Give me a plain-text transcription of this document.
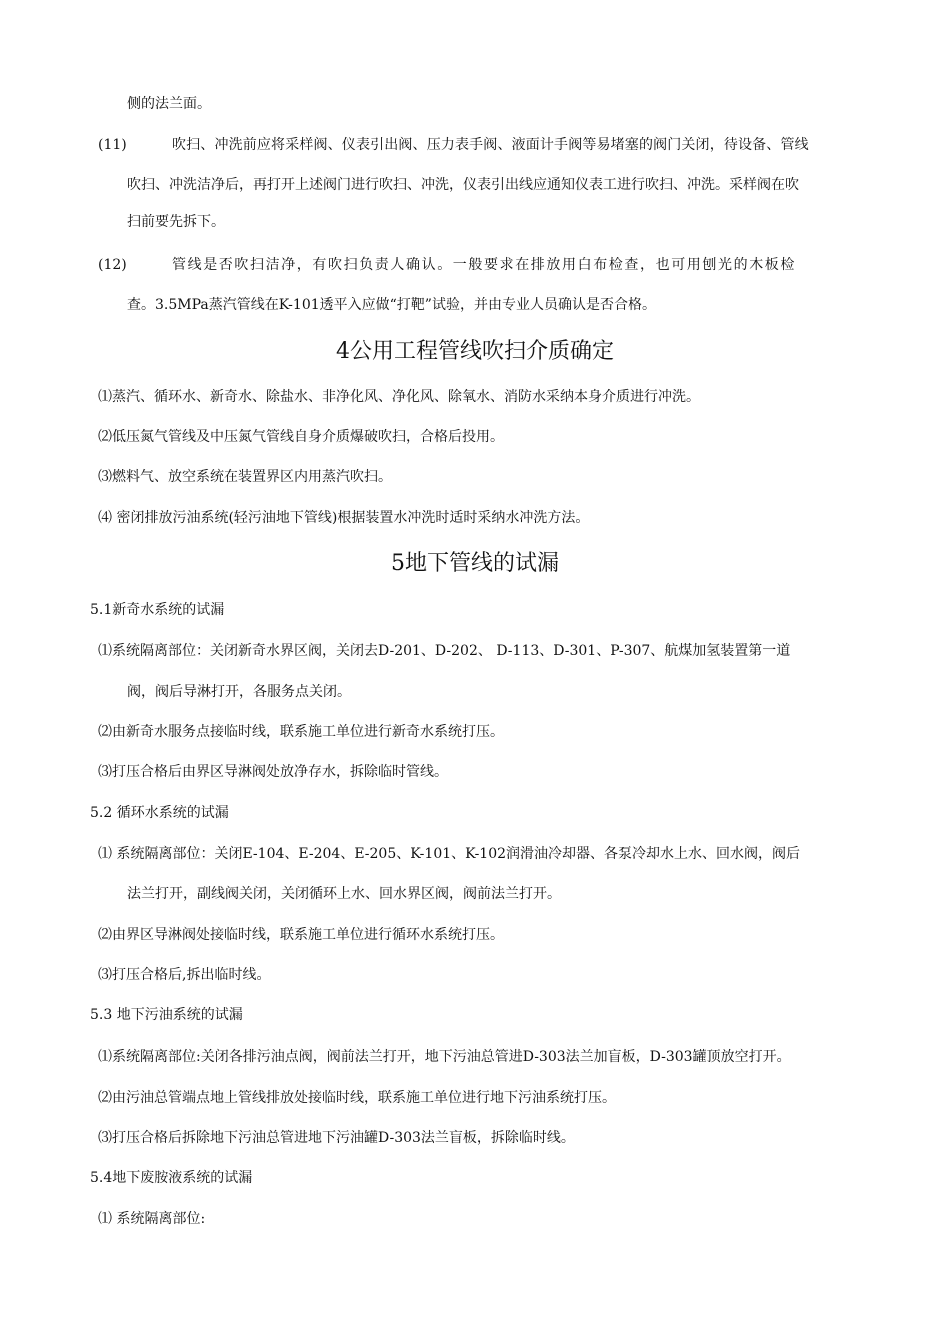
侧的法兰面。
(11)	吹扫、冲洗前应将采样阀、仪表引出阀、压力表手阀、液面计手阀等易堵塞的阀门关闭，待设备、管线
吹扫、冲洗洁净后，再打开上述阀门进行吹扫、冲洗，仪表引出线应通知仪表工进行吹扫、冲洗。采样阀在吹
扫前要先拆下。
(12)	管线是否吹扫洁净，有吹扫负责人确认。一般要求在排放用白布检查，也可用刨光的木板检
查。3.5MPa蒸汽管线在K-101透平入应做“打靶”试验，并由专业人员确认是否合格。
4公用工程管线吹扫介质确定
⑴蒸汽、循环水、新奇水、除盐水、非净化风、净化风、除氧水、消防水采纳本身介质进行冲洗。
⑵低压氮气管线及中压氮气管线自身介质爆破吹扫，合格后投用。
⑶燃料气、放空系统在装置界区内用蒸汽吹扫。
⑷ 密闭排放污油系统(轻污油地下管线)根据装置水冲洗时适时采纳水冲洗方法。
5地下管线的试漏
5.1新奇水系统的试漏
⑴系统隔离部位：关闭新奇水界区阀，关闭去D-201、D-202、 D-113、D-301、P-307、航煤加氢装置第一道
阀，阀后导淋打开，各服务点关闭。
⑵由新奇水服务点接临时线，联系施工单位进行新奇水系统打压。
⑶打压合格后由界区导淋阀处放净存水，拆除临时管线。
5.2 循环水系统的试漏
⑴ 系统隔离部位：关闭E-104、E-204、E-205、K-101、K-102润滑油冷却器、各泵冷却水上水、回水阀，阀后
法兰打开，副线阀关闭，关闭循环上水、回水界区阀，阀前法兰打开。
⑵由界区导淋阀处接临时线，联系施工单位进行循环水系统打压。
⑶打压合格后,拆出临时线。
5.3 地下污油系统的试漏
⑴系统隔离部位:关闭各排污油点阀，阀前法兰打开，地下污油总管进D-303法兰加盲板，D-303罐顶放空打开。
⑵由污油总管端点地上管线排放处接临时线，联系施工单位进行地下污油系统打压。
⑶打压合格后拆除地下污油总管进地下污油罐D-303法兰盲板，拆除临时线。
5.4地下废胺液系统的试漏
⑴ 系统隔离部位:
